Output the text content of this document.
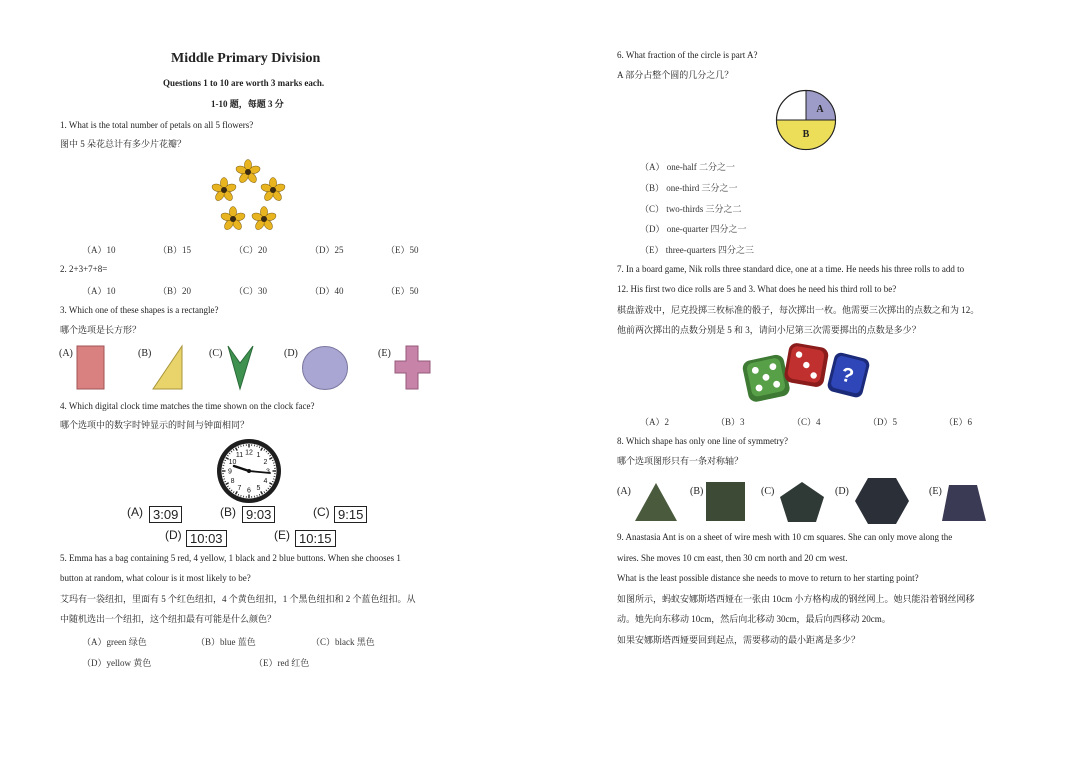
Middle Primary Division
Questions 1 to 10 are worth 3 marks each.
1-10 题，每题 3 分
1. What is the total number of petals on all 5 flowers?
图中 5 朵花总计有多少片花瓣？
（A）10	（B）15	（C）20	（D）25	（E）50
2. 2+3+7+8=
（A）10	（B）20	（C）30	（D）40	（E）50
3. Which one of these shapes is a rectangle?
哪个选项是长方形？
(A)	(B)	(C)	(D)	(E)
4. Which digital clock time matches the time shown on the clock face?
哪个选项中的数字时钟显示的时间与钟面相同？
12 1
2
4
5
6
7
8
9
10
11
(A) 3:09	(B) 9:03	(C) 9:15
(D) 10:03	(E) 10:15
5. Emma has a bag containing 5 red, 4 yellow, 1 black and 2 blue buttons. When she chooses 1
button at random, what colour is it most likely to be?
艾玛有一袋纽扣，里面有 5 个红色纽扣，4 个黄色纽扣，1 个黑色纽扣和 2 个蓝色纽扣。从
中随机选出一个纽扣，这个纽扣最有可能是什么颜色？
（A）green 绿色	（B）blue 蓝色	（C）black 黑色
（D）yellow 黄色	（E）red 红色
6. What fraction of the circle is part A?
A 部分占整个圆的几分之几？
A
B
（A） one-half 二分之一
（B） one-third 三分之一
（C） two-thirds 三分之二
（D） one-quarter 四分之一
（E） three-quarters 四分之三
7. In a board game, Nik rolls three standard dice, one at a time. He needs his three rolls to add to
12. His first two dice rolls are 5 and 3. What does he need his third roll to be?
棋盘游戏中，尼克投掷三枚标准的骰子，每次掷出一枚。他需要三次掷出的点数之和为 12。
他前两次掷出的点数分别是 5 和 3，请问小尼第三次需要掷出的点数是多少？
?
（A）2	（B）3	（C）4	（D）5	（E）6
8. Which shape has only one line of symmetry?
哪个选项图形只有一条对称轴？
(A)	(B)	(C)	(D)	(E)
9. Anastasia Ant is on a sheet of wire mesh with 10 cm squares. She can only move along the
wires. She moves 10 cm east, then 30 cm north and 20 cm west.
What is the least possible distance she needs to move to return to her starting point?
如图所示，蚂蚁安娜斯塔西娅在一张由 10cm 小方格构成的钢丝网上。她只能沿着钢丝网移
动。她先向东移动 10cm，然后向北移动 30cm，最后向西移动 20cm。
如果安娜斯塔西娅要回到起点，需要移动的最小距离是多少？
